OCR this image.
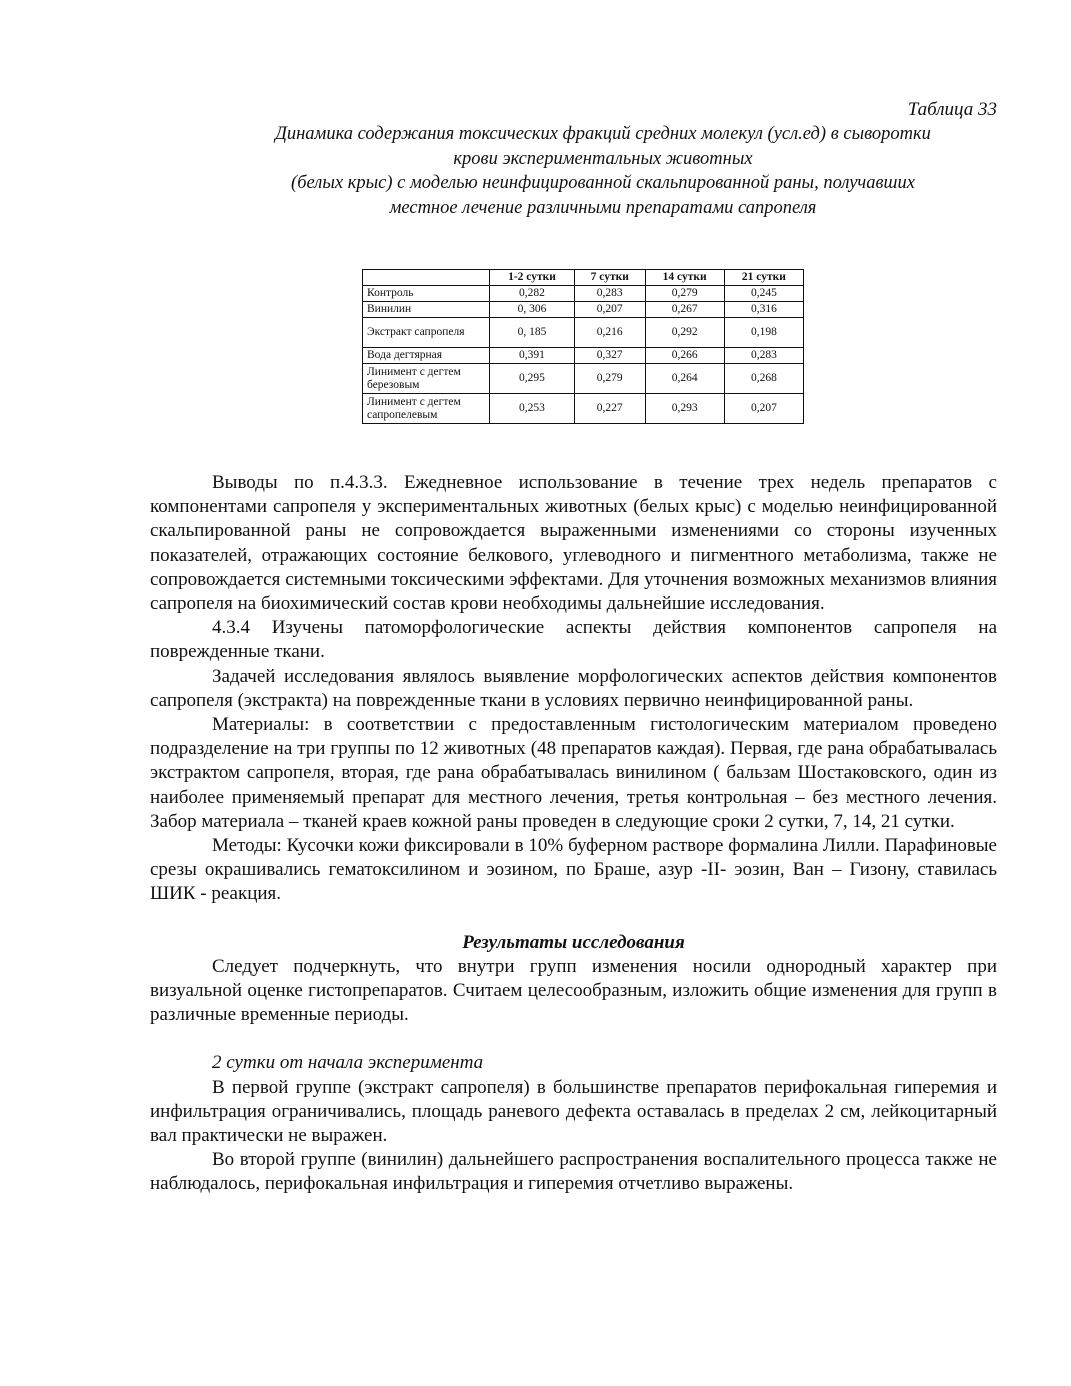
Таблица 33
Динамика содержания токсических фракций средних молекул (усл.ед) в сыворотки
крови экспериментальных животных
(белых крыс) с моделью неинфицированной скальпированной раны, получавших
местное лечение различными препаратами сапропеля
	1-2 сутки	7 сутки	14 сутки	21 сутки
Контроль	0,282	0,283	0,279	0,245
Винилин	0, 306	0,207	0,267	0,316
Экстракт сапропеля	0, 185	0,216	0,292	0,198
Вода дегтярная	0,391	0,327	0,266	0,283
Линимент с дегтем березовым	0,295	0,279	0,264	0,268
Линимент с дегтем сапропелевым	0,253	0,227	0,293	0,207

Выводы по п.4.3.3. Ежедневное использование в течение трех недель препаратов с компонентами сапропеля у экспериментальных животных (белых крыс) с моделью неинфицированной скальпированной раны не сопровождается выраженными изменениями со стороны изученных показателей, отражающих состояние белкового, углеводного и пигментного метаболизма, также не сопровождается системными токсическими эффектами. Для уточнения возможных механизмов влияния сапропеля на биохимический состав крови необходимы дальнейшие исследования.

4.3.4 Изучены патоморфологические аспекты действия компонентов сапропеля на поврежденные ткани.

Задачей исследования являлось выявление морфологических аспектов действия компонентов сапропеля (экстракта) на поврежденные ткани в условиях первично неинфицированной раны.

Материалы: в соответствии с предоставленным гистологическим материалом проведено подразделение на три группы по 12 животных (48 препаратов каждая). Первая, где рана обрабатывалась экстрактом сапропеля, вторая, где рана обрабатывалась винилином ( бальзам Шостаковского, один из наиболее применяемый препарат для местного лечения, третья контрольная – без местного лечения. Забор материала – тканей краев кожной раны проведен в следующие сроки 2 сутки, 7, 14, 21 сутки.

Методы: Кусочки кожи фиксировали в 10% буферном растворе формалина Лилли. Парафиновые срезы окрашивались гематоксилином и эозином, по Браше, азур -II- эозин, Ван – Гизону, ставилась ШИК - реакция.

Результаты исследования

Следует подчеркнуть, что внутри групп изменения носили однородный характер при визуальной оценке гистопрепаратов. Считаем целесообразным, изложить общие изменения для групп в различные временные периоды.

2 сутки от начала эксперимента

В первой группе (экстракт сапропеля) в большинстве препаратов перифокальная гиперемия и инфильтрация ограничивались, площадь раневого дефекта оставалась в пределах 2 см, лейкоцитарный вал практически не выражен.

Во второй группе (винилин) дальнейшего распространения воспалительного процесса также не наблюдалось, перифокальная инфильтрация и гиперемия отчетливо выражены.
